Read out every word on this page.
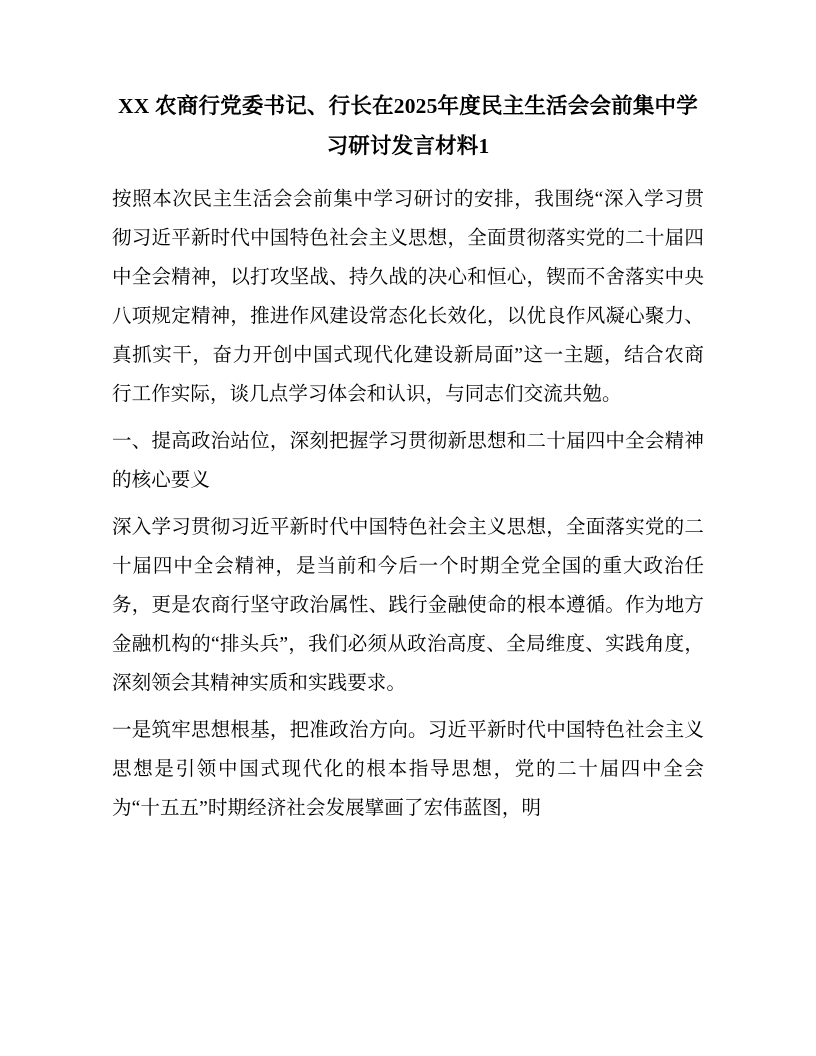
XX 农商行党委书记、行长在2025年度民主生活会会前集中学习研讨发言材料1

按照本次民主生活会会前集中学习研讨的安排，我围绕“深入学习贯彻习近平新时代中国特色社会主义思想，全面贯彻落实党的二十届四中全会精神，以打攻坚战、持久战的决心和恒心，锲而不舍落实中央八项规定精神，推进作风建设常态化长效化，以优良作风凝心聚力、真抓实干，奋力开创中国式现代化建设新局面”这一主题，结合农商行工作实际，谈几点学习体会和认识，与同志们交流共勉。

一、提高政治站位，深刻把握学习贯彻新思想和二十届四中全会精神的核心要义

深入学习贯彻习近平新时代中国特色社会主义思想，全面落实党的二十届四中全会精神，是当前和今后一个时期全党全国的重大政治任务，更是农商行坚守政治属性、践行金融使命的根本遵循。作为地方金融机构的“排头兵”，我们必须从政治高度、全局维度、实践角度，深刻领会其精神实质和实践要求。

一是筑牢思想根基，把准政治方向。习近平新时代中国特色社会主义思想是引领中国式现代化的根本指导思想，党的二十届四中全会为“十五五”时期经济社会发展擘画了宏伟蓝图，明
